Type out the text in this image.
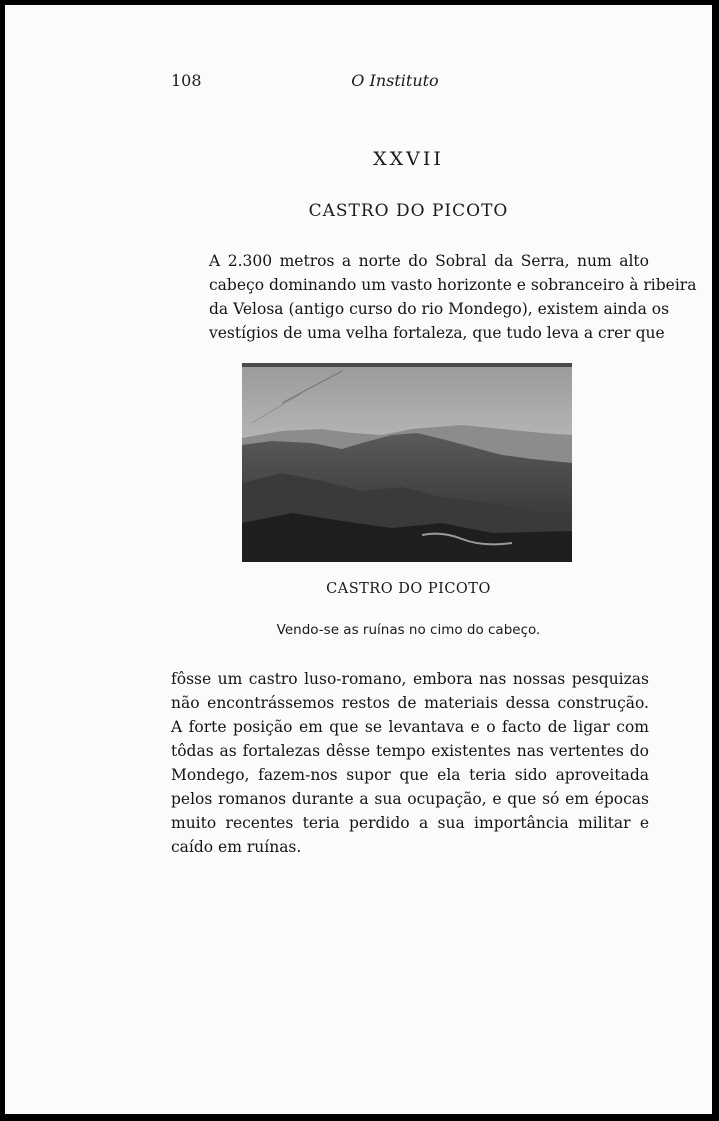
108	O Instituto
XXVII
CASTRO DO PICOTO

A 2.300 metros a norte do Sobral da Serra, num alto
cabeço dominando um vasto horizonte e sobranceiro à ribeira
da Velosa (antigo curso do rio Mondego), existem ainda os
vestígios de uma velha fortaleza, que tudo leva a crer que

CASTRO DO PICOTO
Vendo-se as ruínas no cimo do cabeço.

fôsse um castro luso-romano, embora nas nossas pesquizas
não encontrássemos restos de materiais dessa construção.
A forte posição em que se levantava e o facto de ligar com
tôdas as fortalezas dêsse tempo existentes nas vertentes do
Mondego, fazem-nos supor que ela teria sido aproveitada
pelos romanos durante a sua ocupação, e que só em épocas
muito recentes teria perdido a sua importância militar e
caído em ruínas.
